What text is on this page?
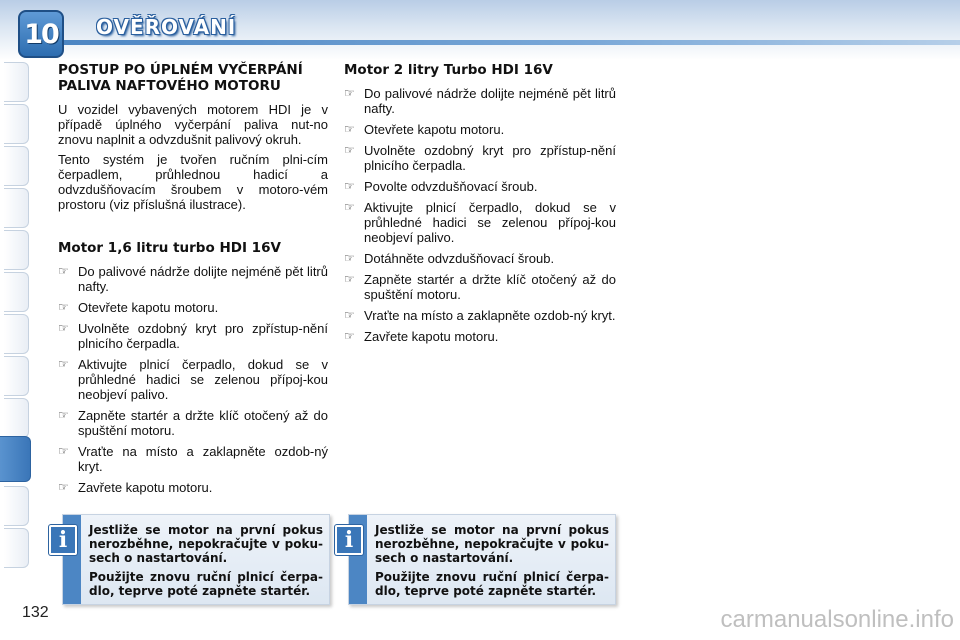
10	OVĚŘOVÁNÍ
POSTUP PO ÚPLNÉM VYČERPÁNÍ PALIVA NAFTOVÉHO MOTORU

U vozidel vybavených motorem HDI je v případě úplného vyčerpání paliva nut-no znovu naplnit a odvzdušnit palivový okruh.

Tento systém je tvořen ručním plni-cím čerpadlem, průhlednou hadicí a odvzdušňovacím šroubem v motoro-vém prostoru (viz příslušná ilustrace).

Motor 1,6 litru turbo HDI 16V
☞ Do palivové nádrže dolijte nejméně pět litrů nafty.
☞ Otevřete kapotu motoru.
☞ Uvolněte ozdobný kryt pro zpřístup-nění plnicího čerpadla.
☞ Aktivujte plnicí čerpadlo, dokud se v průhledné hadici se zelenou přípoj-kou neobjeví palivo.
☞ Zapněte startér a držte klíč otočený až do spuštění motoru.
☞ Vraťte na místo a zaklapněte ozdob-ný kryt.
☞ Zavřete kapotu motoru.
Motor 2 litry Turbo HDI 16V
☞ Do palivové nádrže dolijte nejméně pět litrů nafty.
☞ Otevřete kapotu motoru.
☞ Uvolněte ozdobný kryt pro zpřístup-nění plnicího čerpadla.
☞ Povolte odvzdušňovací šroub.
☞ Aktivujte plnicí čerpadlo, dokud se v průhledné hadici se zelenou přípoj-kou neobjeví palivo.
☞ Dotáhněte odvzdušňovací šroub.
☞ Zapněte startér a držte klíč otočený až do spuštění motoru.
☞ Vraťte na místo a zaklapněte ozdob-ný kryt.
☞ Zavřete kapotu motoru.
i	Jestliže se motor na první pokus nerozběhne, nepokračujte v poku-sech o nastartování.

Použijte znovu ruční plnicí čerpa-dlo, teprve poté zapněte startér.

i	Jestliže se motor na první pokus nerozběhne, nepokračujte v poku-sech o nastartování.

Použijte znovu ruční plnicí čerpa-dlo, teprve poté zapněte startér.

132	carmanualsonline.info
